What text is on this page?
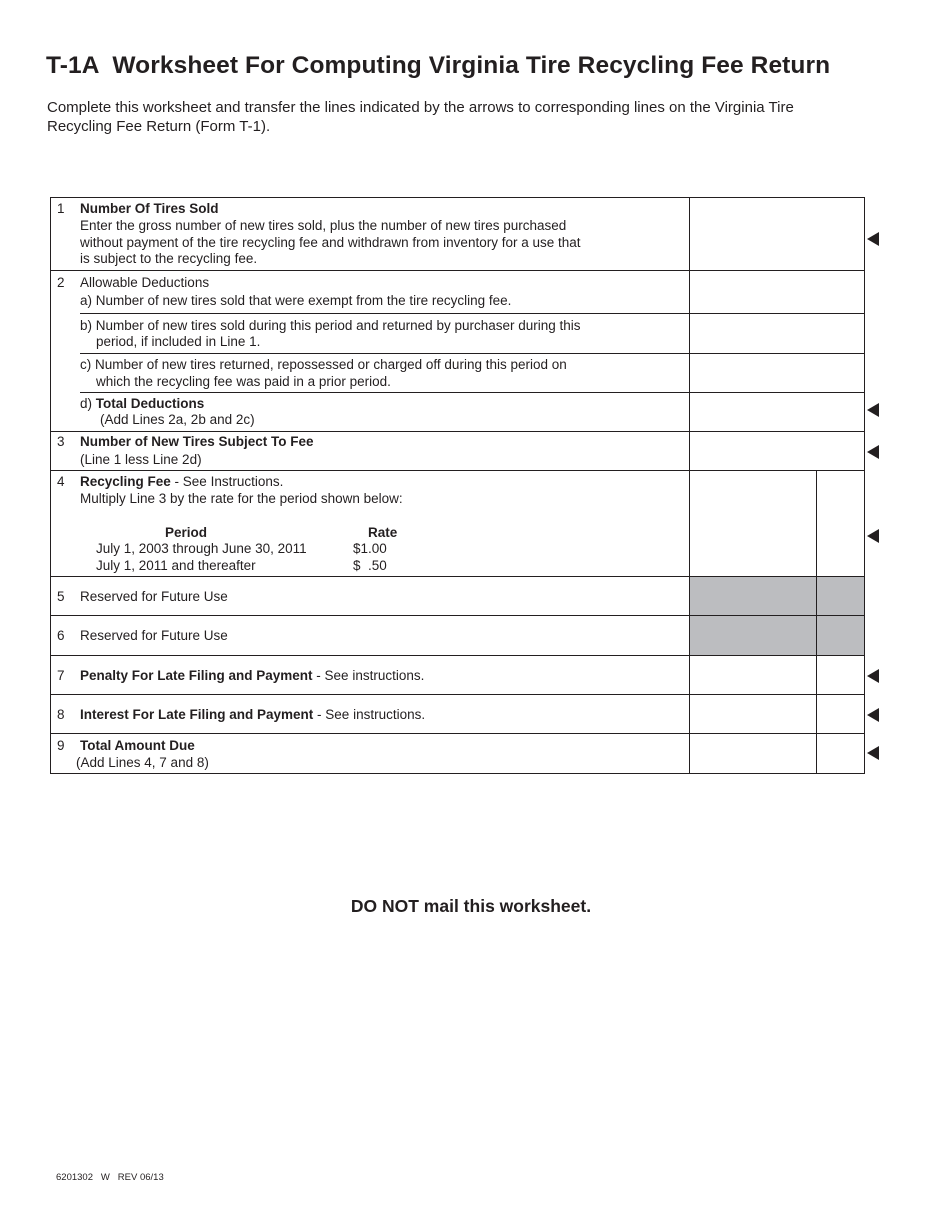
T-1A  Worksheet For Computing Virginia Tire Recycling Fee Return

Complete this worksheet and transfer the lines indicated by the arrows to corresponding lines on the Virginia Tire Recycling Fee Return (Form T-1).

1 Number Of Tires Sold
Enter the gross number of new tires sold, plus the number of new tires purchased
without payment of the tire recycling fee and withdrawn from inventory for a use that
is subject to the recycling fee.
2 Allowable Deductions
a) Number of new tires sold that were exempt from the tire recycling fee.
b) Number of new tires sold during this period and returned by purchaser during this
period, if included in Line 1.
c) Number of new tires returned, repossessed or charged off during this period on
which the recycling fee was paid in a prior period.
d) Total Deductions
(Add Lines 2a, 2b and 2c)
3 Number of New Tires Subject To Fee
(Line 1 less Line 2d)
4 Recycling Fee - See Instructions.
Multiply Line 3 by the rate for the period shown below:
Period	Rate
July 1, 2003 through June 30, 2011	$1.00
July 1, 2011 and thereafter	$  .50
5 Reserved for Future Use
6 Reserved for Future Use
7 Penalty For Late Filing and Payment - See instructions.
8 Interest For Late Filing and Payment - See instructions.
9 Total Amount Due
(Add Lines 4, 7 and 8)

DO NOT mail this worksheet.

6201302   W   REV 06/13
